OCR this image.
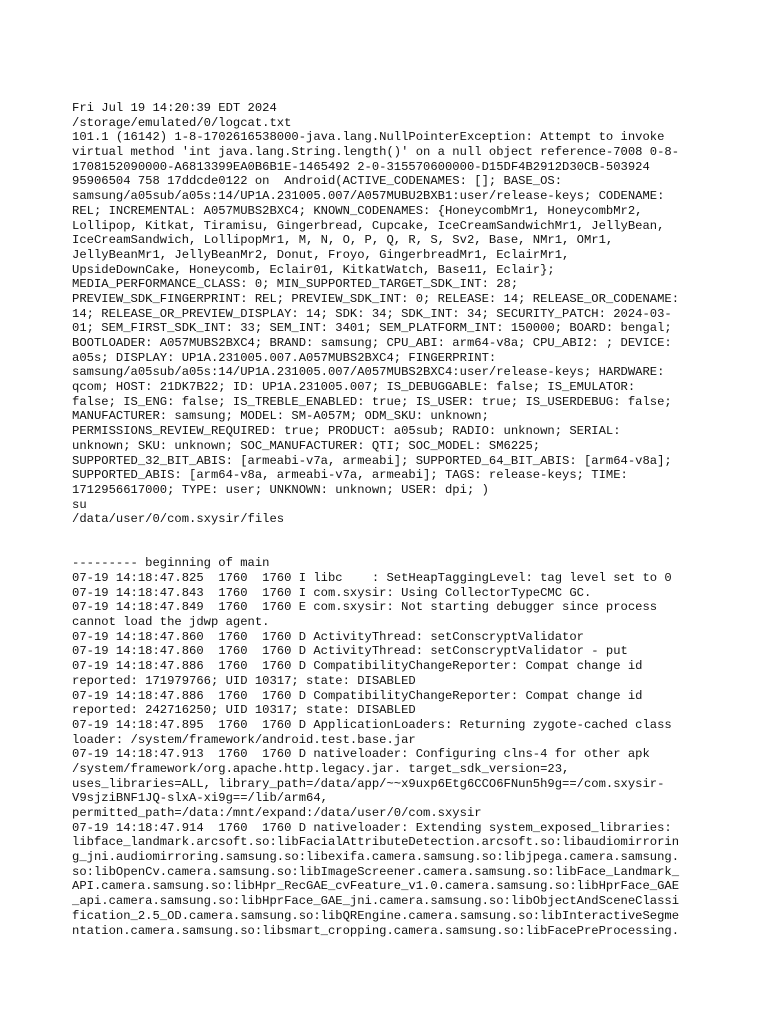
Fri Jul 19 14:20:39 EDT 2024
/storage/emulated/0/logcat.txt
101.1 (16142) 1-8-1702616538000-java.lang.NullPointerException: Attempt to invoke
virtual method 'int java.lang.String.length()' on a null object reference-7008 0-8-
1708152090000-A6813399EA0B6B1E-1465492 2-0-315570600000-D15DF4B2912D30CB-503924
95906504 758 17ddcde0122 on  Android(ACTIVE_CODENAMES: []; BASE_OS:
samsung/a05sub/a05s:14/UP1A.231005.007/A057MUBU2BXB1:user/release-keys; CODENAME:
REL; INCREMENTAL: A057MUBS2BXC4; KNOWN_CODENAMES: {HoneycombMr1, HoneycombMr2,
Lollipop, Kitkat, Tiramisu, Gingerbread, Cupcake, IceCreamSandwichMr1, JellyBean,
IceCreamSandwich, LollipopMr1, M, N, O, P, Q, R, S, Sv2, Base, NMr1, OMr1,
JellyBeanMr1, JellyBeanMr2, Donut, Froyo, GingerbreadMr1, EclairMr1,
UpsideDownCake, Honeycomb, Eclair01, KitkatWatch, Base11, Eclair};
MEDIA_PERFORMANCE_CLASS: 0; MIN_SUPPORTED_TARGET_SDK_INT: 28;
PREVIEW_SDK_FINGERPRINT: REL; PREVIEW_SDK_INT: 0; RELEASE: 14; RELEASE_OR_CODENAME:
14; RELEASE_OR_PREVIEW_DISPLAY: 14; SDK: 34; SDK_INT: 34; SECURITY_PATCH: 2024-03-
01; SEM_FIRST_SDK_INT: 33; SEM_INT: 3401; SEM_PLATFORM_INT: 150000; BOARD: bengal;
BOOTLOADER: A057MUBS2BXC4; BRAND: samsung; CPU_ABI: arm64-v8a; CPU_ABI2: ; DEVICE:
a05s; DISPLAY: UP1A.231005.007.A057MUBS2BXC4; FINGERPRINT:
samsung/a05sub/a05s:14/UP1A.231005.007/A057MUBS2BXC4:user/release-keys; HARDWARE:
qcom; HOST: 21DK7B22; ID: UP1A.231005.007; IS_DEBUGGABLE: false; IS_EMULATOR:
false; IS_ENG: false; IS_TREBLE_ENABLED: true; IS_USER: true; IS_USERDEBUG: false;
MANUFACTURER: samsung; MODEL: SM-A057M; ODM_SKU: unknown;
PERMISSIONS_REVIEW_REQUIRED: true; PRODUCT: a05sub; RADIO: unknown; SERIAL:
unknown; SKU: unknown; SOC_MANUFACTURER: QTI; SOC_MODEL: SM6225;
SUPPORTED_32_BIT_ABIS: [armeabi-v7a, armeabi]; SUPPORTED_64_BIT_ABIS: [arm64-v8a];
SUPPORTED_ABIS: [arm64-v8a, armeabi-v7a, armeabi]; TAGS: release-keys; TIME:
1712956617000; TYPE: user; UNKNOWN: unknown; USER: dpi; )
su
/data/user/0/com.sxysir/files
--------- beginning of main
07-19 14:18:47.825  1760  1760 I libc    : SetHeapTaggingLevel: tag level set to 0
07-19 14:18:47.843  1760  1760 I com.sxysir: Using CollectorTypeCMC GC.
07-19 14:18:47.849  1760  1760 E com.sxysir: Not starting debugger since process
cannot load the jdwp agent.
07-19 14:18:47.860  1760  1760 D ActivityThread: setConscryptValidator
07-19 14:18:47.860  1760  1760 D ActivityThread: setConscryptValidator - put
07-19 14:18:47.886  1760  1760 D CompatibilityChangeReporter: Compat change id
reported: 171979766; UID 10317; state: DISABLED
07-19 14:18:47.886  1760  1760 D CompatibilityChangeReporter: Compat change id
reported: 242716250; UID 10317; state: DISABLED
07-19 14:18:47.895  1760  1760 D ApplicationLoaders: Returning zygote-cached class
loader: /system/framework/android.test.base.jar
07-19 14:18:47.913  1760  1760 D nativeloader: Configuring clns-4 for other apk
/system/framework/org.apache.http.legacy.jar. target_sdk_version=23,
uses_libraries=ALL, library_path=/data/app/~~x9uxp6Etg6CCO6FNun5h9g==/com.sxysir-
V9sjziBNF1JQ-slxA-xi9g==/lib/arm64,
permitted_path=/data:/mnt/expand:/data/user/0/com.sxysir
07-19 14:18:47.914  1760  1760 D nativeloader: Extending system_exposed_libraries:
libface_landmark.arcsoft.so:libFacialAttributeDetection.arcsoft.so:libaudiomirrorin
g_jni.audiomirroring.samsung.so:libexifa.camera.samsung.so:libjpega.camera.samsung.
so:libOpenCv.camera.samsung.so:libImageScreener.camera.samsung.so:libFace_Landmark_
API.camera.samsung.so:libHpr_RecGAE_cvFeature_v1.0.camera.samsung.so:libHprFace_GAE
_api.camera.samsung.so:libHprFace_GAE_jni.camera.samsung.so:libObjectAndSceneClassi
fication_2.5_OD.camera.samsung.so:libQREngine.camera.samsung.so:libInteractiveSegme
ntation.camera.samsung.so:libsmart_cropping.camera.samsung.so:libFacePreProcessing.
